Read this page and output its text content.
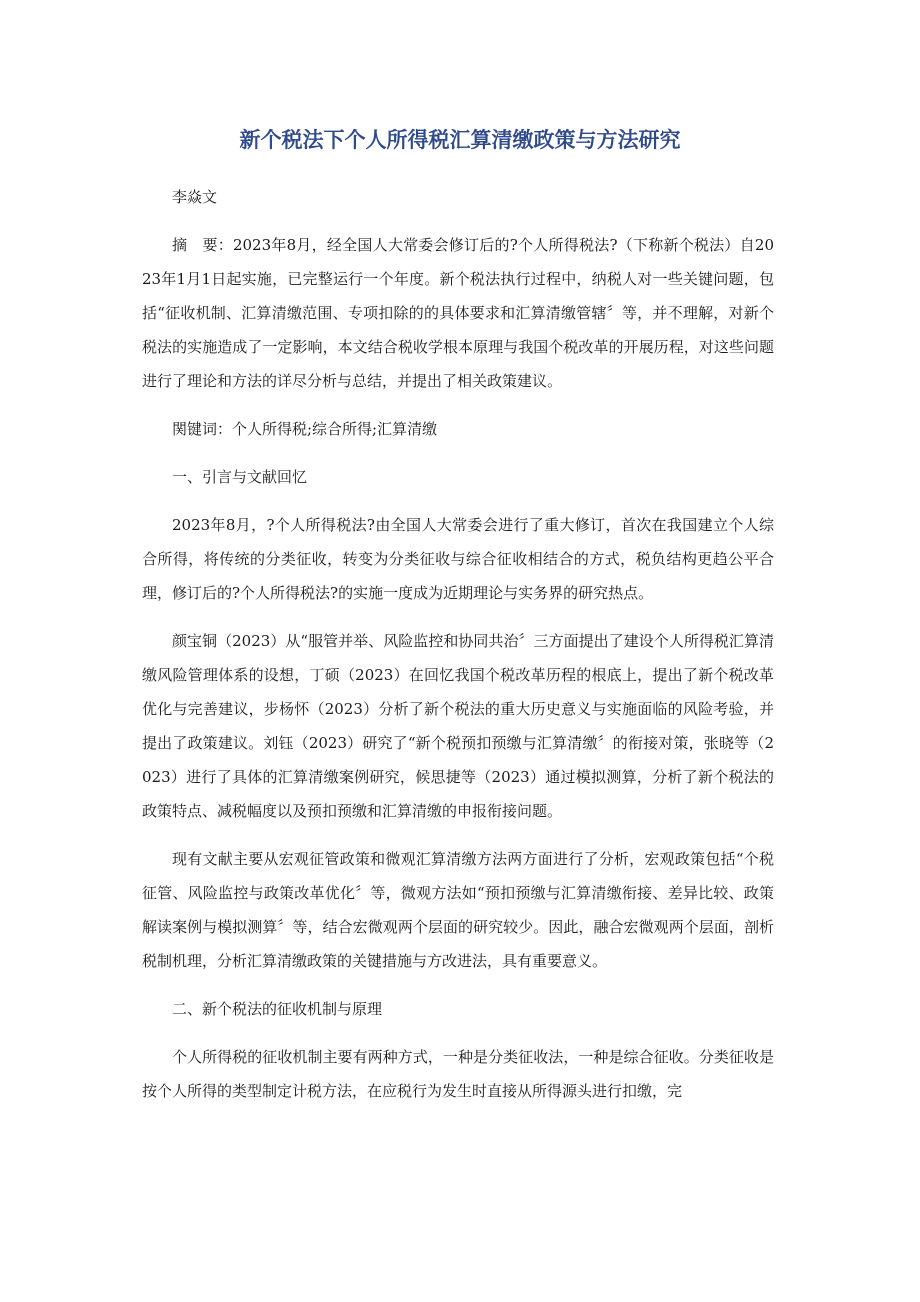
新个税法下个人所得税汇算清缴政策与方法研究

李焱文

摘　要：2023年8月，经全国人大常委会修订后的?个人所得税法?（下称新个税法）自2023年1月1日起实施，已完整运行一个年度。新个税法执行过程中，纳税人对一些关键问题，包括“征收机制、汇算清缴范围、专项扣除的的具体要求和汇算清缴管辖〞等，并不理解，对新个税法的实施造成了一定影响，本文结合税收学根本原理与我国个税改革的开展历程，对这些问题进行了理论和方法的详尽分析与总结，并提出了相关政策建议。

関键词：个人所得税;综合所得;汇算清缴

一、引言与文献回忆

2023年8月，?个人所得税法?由全国人大常委会进行了重大修订，首次在我国建立个人综合所得，将传统的分类征收，转变为分类征收与综合征收相结合的方式，税负结构更趋公平合理，修订后的?个人所得税法?的实施一度成为近期理论与实务界的研究热点。

颜宝铜（2023）从“服管并举、风险监控和协同共治〞三方面提出了建设个人所得税汇算清缴风险管理体系的设想，丁硕（2023）在回忆我国个税改革历程的根底上，提出了新个税改革优化与完善建议，步杨怀（2023）分析了新个税法的重大历史意义与实施面临的风险考验，并提出了政策建议。刘钰（2023）研究了“新个税预扣预缴与汇算清缴〞的衔接对策，张晓等（2023）进行了具体的汇算清缴案例研究，候思捷等（2023）通过模拟测算，分析了新个税法的政策特点、减税幅度以及预扣预缴和汇算清缴的申报衔接问题。

现有文献主要从宏观征管政策和微观汇算清缴方法两方面进行了分析，宏观政策包括“个税征管、风险监控与政策改革优化〞等，微观方法如“预扣预缴与汇算清缴衔接、差异比较、政策解读案例与模拟测算〞等，结合宏微观两个层面的研究较少。因此，融合宏微观两个层面，剖析税制机理，分析汇算清缴政策的关键措施与方改进法，具有重要意义。

二、新个税法的征收机制与原理

个人所得税的征收机制主要有两种方式，一种是分类征收法，一种是综合征收。分类征收是按个人所得的类型制定计税方法，在应税行为发生时直接从所得源头进行扣缴，完
